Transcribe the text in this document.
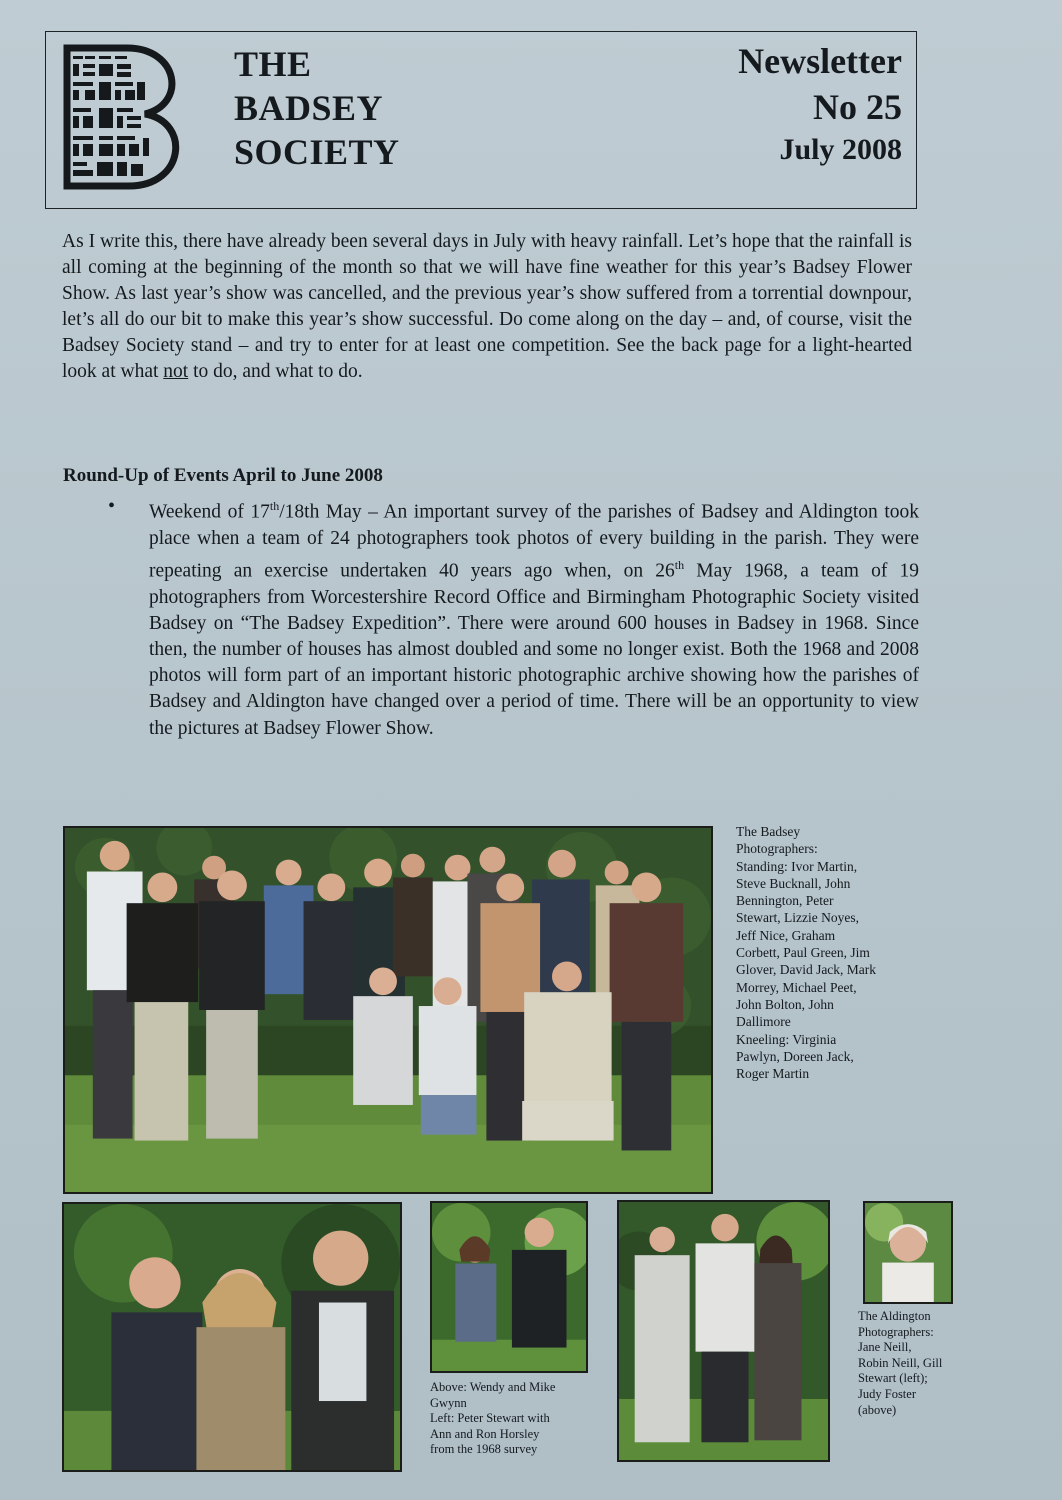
THE
BADSEY
SOCIETY
Newsletter
No 25
July 2008

As I write this, there have already been several days in July with heavy rainfall. Let’s hope that the rainfall is all coming at the beginning of the month so that we will have fine weather for this year’s Badsey Flower Show. As last year’s show was cancelled, and the previous year’s show suffered from a torrential downpour, let’s all do our bit to make this year’s show successful. Do come along on the day – and, of course, visit the Badsey Society stand – and try to enter for at least one competition. See the back page for a light-hearted look at what not to do, and what to do.

Round-Up of Events April to June 2008
• Weekend of 17th/18th May – An important survey of the parishes of Badsey and Aldington took place when a team of 24 photographers took photos of every building in the parish. They were repeating an exercise undertaken 40 years ago when, on 26th May 1968, a team of 19 photographers from Worcestershire Record Office and Birmingham Photographic Society visited Badsey on “The Badsey Expedition”. There were around 600 houses in Badsey in 1968. Since then, the number of houses has almost doubled and some no longer exist. Both the 1968 and 2008 photos will form part of an important historic photographic archive showing how the parishes of Badsey and Aldington have changed over a period of time. There will be an opportunity to view the pictures at Badsey Flower Show.

The Badsey
Photographers:
Standing: Ivor Martin,
Steve Bucknall, John
Bennington, Peter
Stewart, Lizzie Noyes,
Jeff Nice, Graham
Corbett, Paul Green, Jim
Glover, David Jack, Mark
Morrey, Michael Peet,
John Bolton, John
Dallimore
Kneeling: Virginia
Pawlyn, Doreen Jack,
Roger Martin
Above: Wendy and Mike
Gwynn
Left: Peter Stewart with
Ann and Ron Horsley
from the 1968 survey
The Aldington
Photographers:
Jane Neill,
Robin Neill, Gill
Stewart (left);
Judy Foster
(above)
